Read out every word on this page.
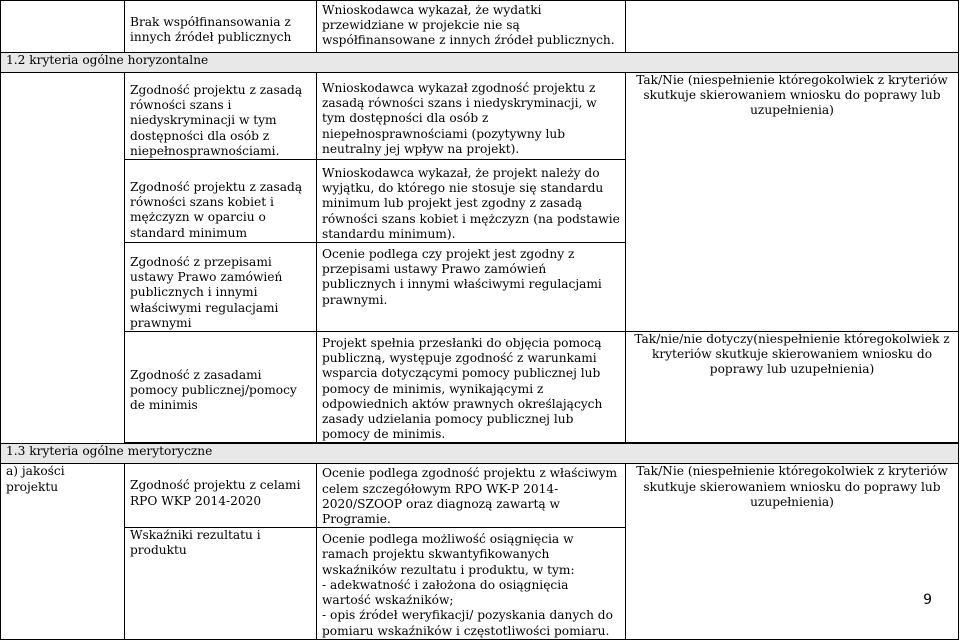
	Brak współfinansowania z innych źródeł publicznych	Wnioskodawca wykazał, że wydatki przewidziane w projekcie nie są współfinansowane z innych źródeł publicznych.	
1.2 kryteria ogólne horyzontalne			
	Zgodność projektu z zasadą równości szans i niedyskryminacji w tym dostępności dla osób z niepełnosprawnościami.	Wnioskodawca wykazał zgodność projektu z zasadą równości szans i niedyskryminacji, w tym dostępności dla osób z niepełnosprawnościami (pozytywny lub neutralny jej wpływ na projekt).	Tak/Nie (niespełnienie któregokolwiek z kryteriów skutkuje skierowaniem wniosku do poprawy lub uzupełnienia)
	Zgodność projektu z zasadą równości szans kobiet i mężczyzn w oparciu o standard minimum	Wnioskodawca wykazał, że projekt należy do wyjątku, do którego nie stosuje się standardu minimum lub projekt jest zgodny z zasadą równości szans kobiet i mężczyzn (na podstawie standardu minimum).	
	Zgodność z przepisami ustawy Prawo zamówień publicznych i innymi właściwymi regulacjami prawnymi	Ocenie podlega czy projekt jest zgodny z przepisami ustawy Prawo zamówień publicznych i innymi właściwymi regulacjami prawnymi.	
	Zgodność z zasadami pomocy publicznej/pomocy de minimis	Projekt spełnia przesłanki do objęcia pomocą publiczną, występuje zgodność z warunkami wsparcia dotyczącymi pomocy publicznej lub pomocy de minimis, wynikającymi z odpowiednich aktów prawnych określających zasady udzielania pomocy publicznej lub pomocy de minimis.	Tak/nie/nie dotyczy(niespełnienie któregokolwiek z kryteriów skutkuje skierowaniem wniosku do poprawy lub uzupełnienia)

1.3 kryteria ogólne merytoryczne			
a) jakości projektu	Zgodność projektu z celami RPO WKP 2014-2020	Ocenie podlega zgodność projektu z właściwym celem szczegółowym RPO WK-P 2014-2020/SZOOP oraz diagnozą zawartą w Programie.	Tak/Nie (niespełnienie któregokolwiek z kryteriów skutkuje skierowaniem wniosku do poprawy lub uzupełnienia)
	Wskaźniki rezultatu i produktu	Ocenie podlega możliwość osiągnięcia w ramach projektu skwantyfikowanych wskaźników rezultatu i produktu, w tym:
- adekwatność i założona do osiągnięcia wartość wskaźników;
- opis źródeł weryfikacji/ pozyskania danych do pomiaru wskaźników i częstotliwości pomiaru.	
9
